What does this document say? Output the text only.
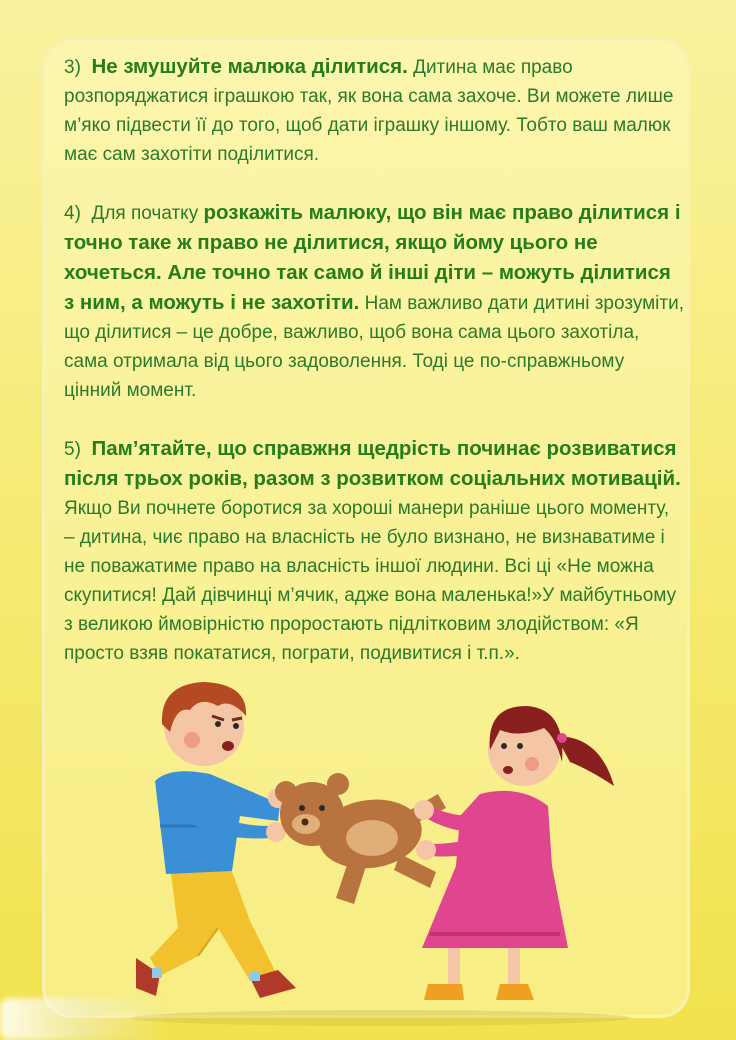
3) Не змушуйте малюка ділитися. Дитина має право розпоряджатися іграшкою так, як вона сама захоче. Ви можете лише м’яко підвести її до того, щоб дати іграшку іншому. Тобто ваш малюк має сам захотіти поділитися.

4) Для початку розкажіть малюку, що він має право ділитися і точно таке ж право не ділитися, якщо йому цього не хочеться. Але точно так само й інші діти – можуть ділитися з ним, а можуть і не захотіти. Нам важливо дати дитині зрозуміти, що ділитися – це добре, важливо, щоб вона сама цього захотіла, сама отримала від цього задоволення. Тоді це по-справжньому цінний момент.

5) Пам’ятайте, що справжня щедрість починає розвиватися після трьох років, разом з розвитком соціальних мотивацій. Якщо Ви почнете боротися за хороші манери раніше цього моменту, – дитина, чиє право на власність не було визнано, не визнаватиме і не поважатиме право на власність іншої людини. Всі ці «Не можна скупитися! Дай дівчинці м’ячик, адже вона маленька!»У майбутньому з великою ймовірністю проростають підлітковим злодійством: «Я просто взяв покататися, пограти, подивитися і т.п.».
